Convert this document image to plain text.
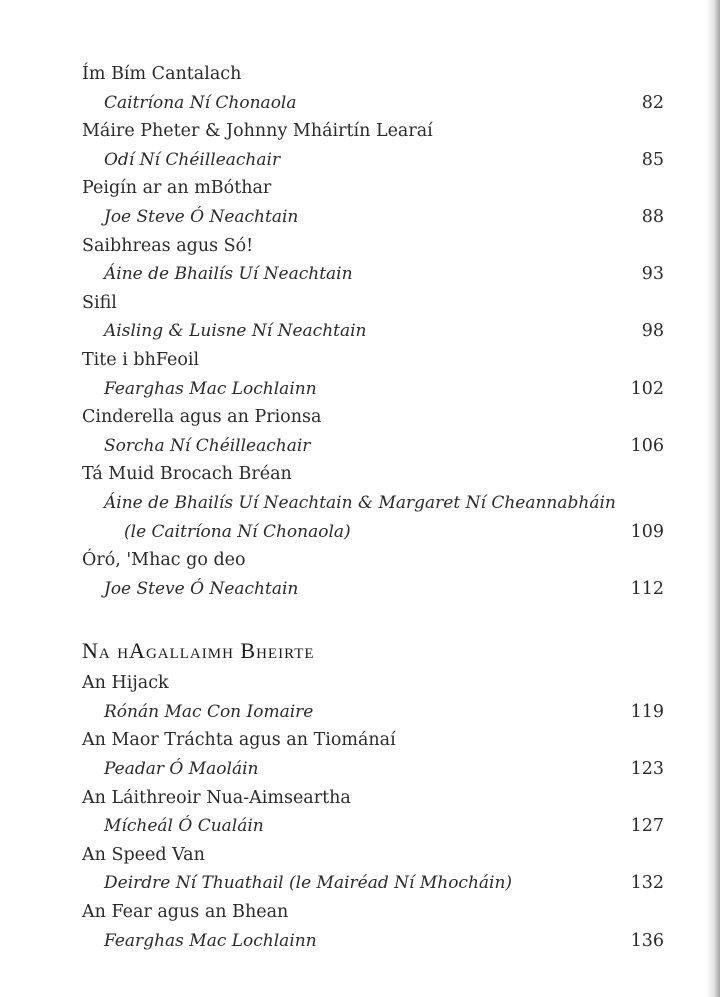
Ím Bím Cantalach
Caitríona Ní Chonaola	82
Máire Pheter & Johnny Mháirtín Learaí
Odí Ní Chéilleachair	85
Peigín ar an mBóthar
Joe Steve Ó Neachtain	88
Saibhreas agus Só!
Áine de Bhailís Uí Neachtain	93
Sifil
Aisling & Luisne Ní Neachtain	98
Tite i bhFeoil
Fearghas Mac Lochlainn	102
Cinderella agus an Prionsa
Sorcha Ní Chéilleachair	106
Tá Muid Brocach Bréan
Áine de Bhailís Uí Neachtain & Margaret Ní Cheannabháin
(le Caitríona Ní Chonaola)	109
Óró, 'Mhac go deo
Joe Steve Ó Neachtain	112
Na hAgallaimh Bheirte
An Hijack
Rónán Mac Con Iomaire	119
An Maor Tráchta agus an Tiománaí
Peadar Ó Maoláin	123
An Láithreoir Nua-Aimseartha
Mícheál Ó Cualáin	127
An Speed Van
Deirdre Ní Thuathail (le Mairéad Ní Mhocháin)	132
An Fear agus an Bhean
Fearghas Mac Lochlainn	136
